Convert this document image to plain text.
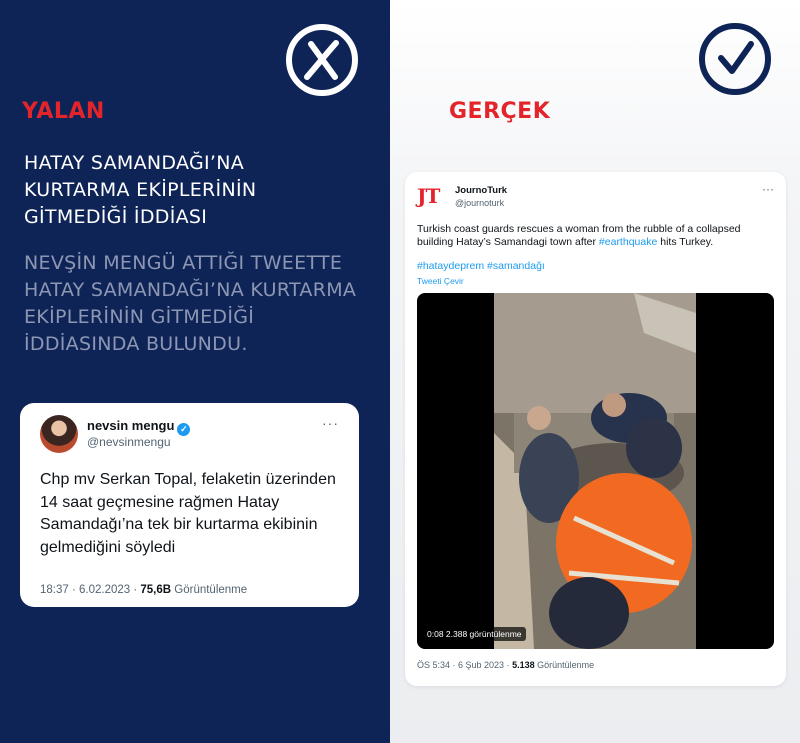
YALAN
HATAY SAMANDAĞI’NA KURTARMA EKİPLERİNİN GİTMEDİĞİ İDDİASI
NEVŞİN MENGÜ ATTIĞI TWEETTE HATAY SAMANDAĞI’NA KURTARMA EKİPLERİNİN GİTMEDİĞİ İDDİASINDA BULUNDU.
nevsin mengu ✓
@nevsinmengu
···
Chp mv Serkan Topal, felaketin üzerinden 14 saat geçmesine rağmen Hatay Samandağı’na tek bir kurtarma ekibinin gelmediğini söyledi
18:37 · 6.02.2023 · 75,6B Görüntülenme
GERÇEK
JT	JournoTurk
@journoturk
···
Turkish coast guards rescues a woman from the rubble of a collapsed building Hatay’s Samandagi town after #earthquake hits Turkey.
#hataydeprem #samandağı
Tweeti Çevir
0:08 2.388 görüntülenme
ÖS 5:34 · 6 Şub 2023 · 5.138 Görüntülenme
